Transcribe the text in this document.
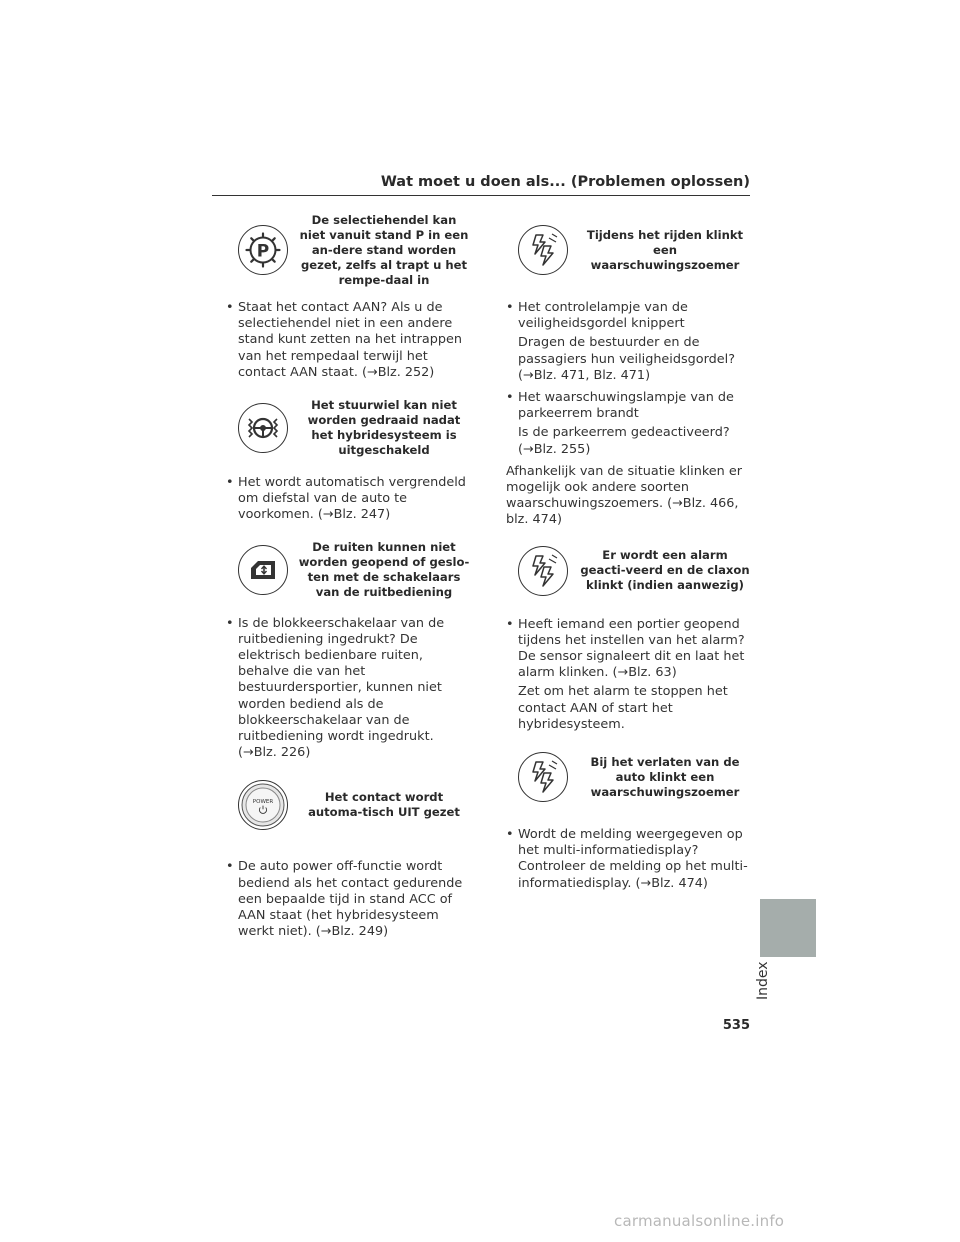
Wat moet u doen als... (Problemen oplossen)
P
De selectiehendel kan niet vanuit stand P in een an-dere stand worden gezet, zelfs al trapt u het rempe-daal in

• Staat het contact AAN? Als u de selectiehendel niet in een andere stand kunt zetten na het intrappen van het rempedaal terwijl het contact AAN staat. (→Blz. 252)

Het stuurwiel kan niet worden gedraaid nadat het hybridesysteem is uitgeschakeld

• Het wordt automatisch vergrendeld om diefstal van de auto te voorkomen. (→Blz. 247)

De ruiten kunnen niet worden geopend of geslo-ten met de schakelaars van de ruitbediening

• Is de blokkeerschakelaar van de ruitbediening ingedrukt? De elektrisch bedienbare ruiten, behalve die van het bestuurdersportier, kunnen niet worden bediend als de blokkeerschakelaar van de ruitbediening wordt ingedrukt. (→Blz. 226)

POWER	Het contact wordt automa-tisch UIT gezet

• De auto power off-functie wordt bediend als het contact gedurende een bepaalde tijd in stand ACC of AAN staat (het hybridesysteem werkt niet). (→Blz. 249)

Tijdens het rijden klinkt een waarschuwingszoemer

• Het controlelampje van de veiligheidsgordel knippert

Dragen de bestuurder en de passagiers hun veiligheidsgordel? (→Blz. 471, Blz. 471)

• Het waarschuwingslampje van de parkeerrem brandt

Is de parkeerrem gedeactiveerd? (→Blz. 255)

Afhankelijk van de situatie klinken er mogelijk ook andere soorten waarschuwingszoemers. (→Blz. 466, blz. 474)

Er wordt een alarm geacti-veerd en de claxon klinkt (indien aanwezig)

• Heeft iemand een portier geopend tijdens het instellen van het alarm? De sensor signaleert dit en laat het alarm klinken. (→Blz. 63)

Zet om het alarm te stoppen het contact AAN of start het hybridesysteem.

Bij het verlaten van de auto klinkt een waarschuwingszoemer

• Wordt de melding weergegeven op het multi-informatiedisplay? Controleer de melding op het multi-informatiedisplay. (→Blz. 474)

Index
535
carmanualsonline.info
